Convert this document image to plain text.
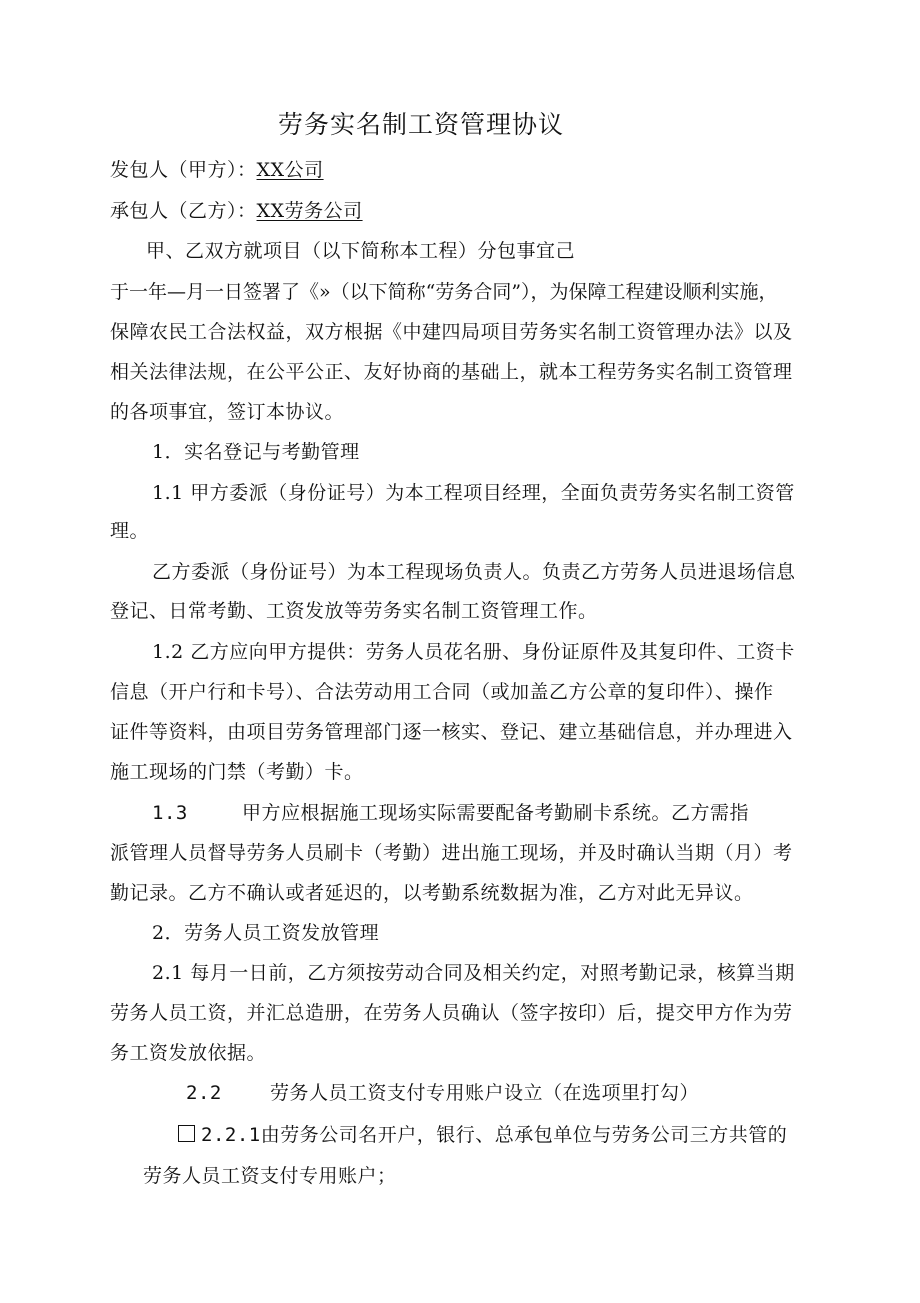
劳务实名制工资管理协议
发包人（甲方）：XX公司
承包人（乙方）：XX劳务公司
甲、乙双方就项目（以下简称本工程）分包事宜己
于一年—月一日签署了《»（以下简称“劳务合同”），为保障工程建设顺利实施，
保障农民工合法权益，双方根据《中建四局项目劳务实名制工资管理办法》以及
相关法律法规，在公平公正、友好协商的基础上，就本工程劳务实名制工资管理
的各项事宜，签订本协议。
1．实名登记与考勤管理
1.1 甲方委派（身份证号）为本工程项目经理，全面负责劳务实名制工资管
理。
乙方委派（身份证号）为本工程现场负责人。负责乙方劳务人员进退场信息
登记、日常考勤、工资发放等劳务实名制工资管理工作。
1.2 乙方应向甲方提供：劳务人员花名册、身份证原件及其复印件、工资卡
信息（开户行和卡号）、合法劳动用工合同（或加盖乙方公章的复印件）、操作
证件等资料，由项目劳务管理部门逐一核实、登记、建立基础信息，并办理进入
施工现场的门禁（考勤）卡。
1.3	甲方应根据施工现场实际需要配备考勤刷卡系统。乙方需指
派管理人员督导劳务人员刷卡（考勤）进出施工现场，并及时确认当期（月）考
勤记录。乙方不确认或者延迟的，以考勤系统数据为准，乙方对此无异议。
2．劳务人员工资发放管理
2.1 每月一日前，乙方须按劳动合同及相关约定，对照考勤记录，核算当期
劳务人员工资，并汇总造册，在劳务人员确认（签字按印）后，提交甲方作为劳
务工资发放依据。
2.2	劳务人员工资支付专用账户设立（在选项里打勾）
2.2.1由劳务公司名开户，银行、总承包单位与劳务公司三方共管的
劳务人员工资支付专用账户；
